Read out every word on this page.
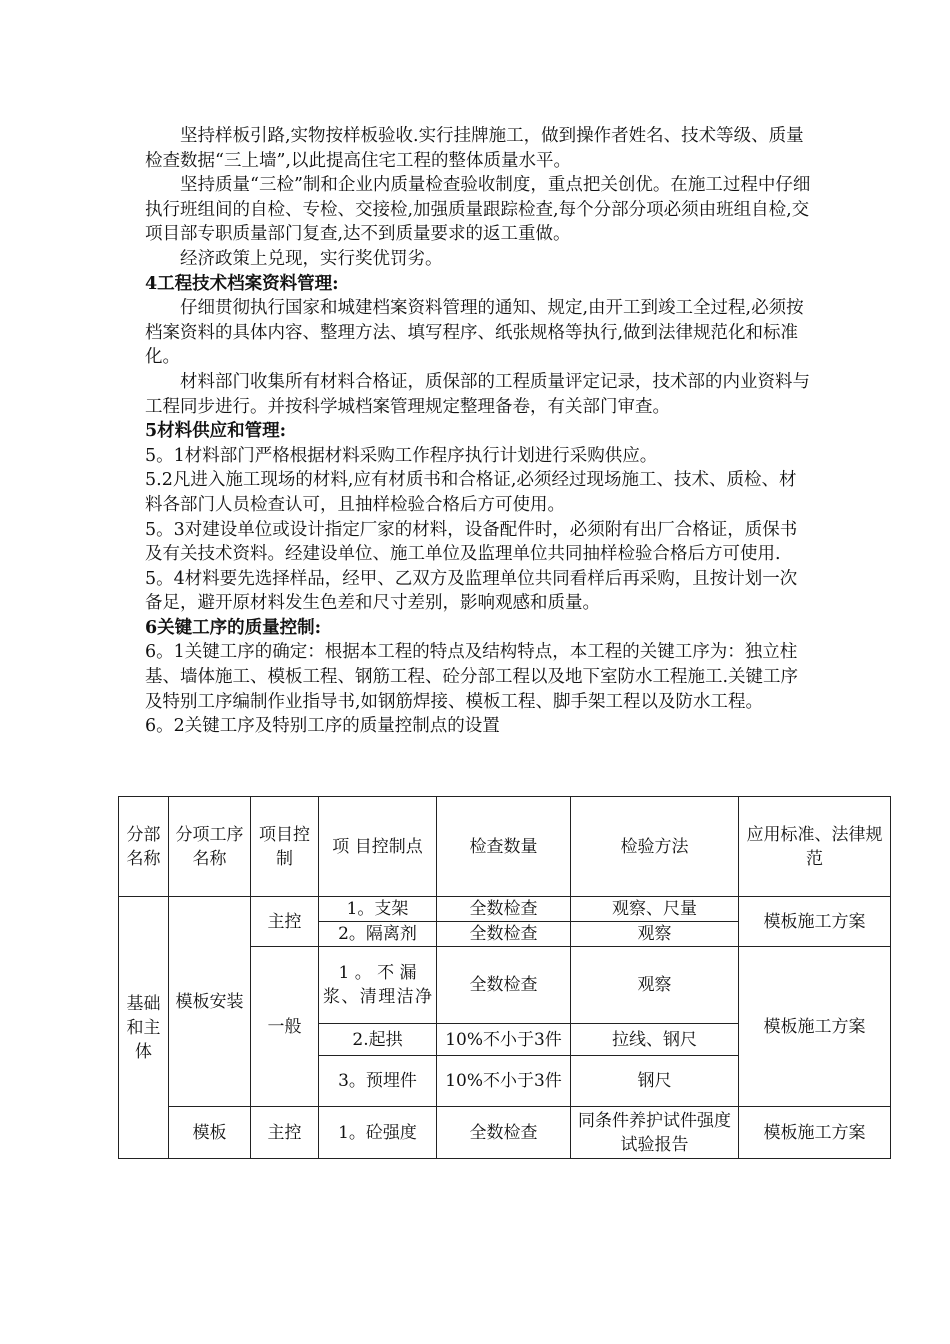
坚持样板引路,实物按样板验收.实行挂牌施工，做到操作者姓名、技术等级、质量检查数据“三上墙”,以此提高住宅工程的整体质量水平。

坚持质量“三检”制和企业内质量检查验收制度，重点把关创优。在施工过程中仔细执行班组间的自检、专检、交接检,加强质量跟踪检查,每个分部分项必须由班组自检,交项目部专职质量部门复查,达不到质量要求的返工重做。

经济政策上兑现，实行奖优罚劣。

4工程技术档案资料管理:

仔细贯彻执行国家和城建档案资料管理的通知、规定,由开工到竣工全过程,必须按档案资料的具体内容、整理方法、填写程序、纸张规格等执行,做到法律规范化和标准化。

材料部门收集所有材料合格证，质保部的工程质量评定记录，技术部的内业资料与工程同步进行。并按科学城档案管理规定整理备卷，有关部门审查。

5材料供应和管理:

5。1材料部门严格根据材料采购工作程序执行计划进行采购供应。

5.2凡进入施工现场的材料,应有材质书和合格证,必须经过现场施工、技术、质检、材料各部门人员检查认可，且抽样检验合格后方可使用。

5。3对建设单位或设计指定厂家的材料，设备配件时，必须附有出厂合格证，质保书及有关技术资料。经建设单位、施工单位及监理单位共同抽样检验合格后方可使用.

5。4材料要先选择样品，经甲、乙双方及监理单位共同看样后再采购，且按计划一次备足，避开原材料发生色差和尺寸差别，影响观感和质量。

6关键工序的质量控制:

6。1关键工序的确定：根据本工程的特点及结构特点，本工程的关键工序为：独立柱基、墙体施工、模板工程、钢筋工程、砼分部工程以及地下室防水工程施工.关键工序及特别工序编制作业指导书,如钢筋焊接、模板工程、脚手架工程以及防水工程。

6。2关键工序及特别工序的质量控制点的设置

分部名称	分项工序名称	项目控制	项 目控制点	检查数量	检验方法	应用标准、法律规范
基础和主体	模板安装	主控	1。支架	全数检查	观察、尺量	模板施工方案
			2。隔离剂	全数检查	观察	
		一般	1 。 不 漏浆、清理洁净	全数检查	观察	模板施工方案
			2.起拱	10%不小于3件	拉线、钢尺	
			3。预埋件	10%不小于3件	钢尺	
	模板	主控	1。砼强度	全数检查	同条件养护试件强度试验报告	模板施工方案
